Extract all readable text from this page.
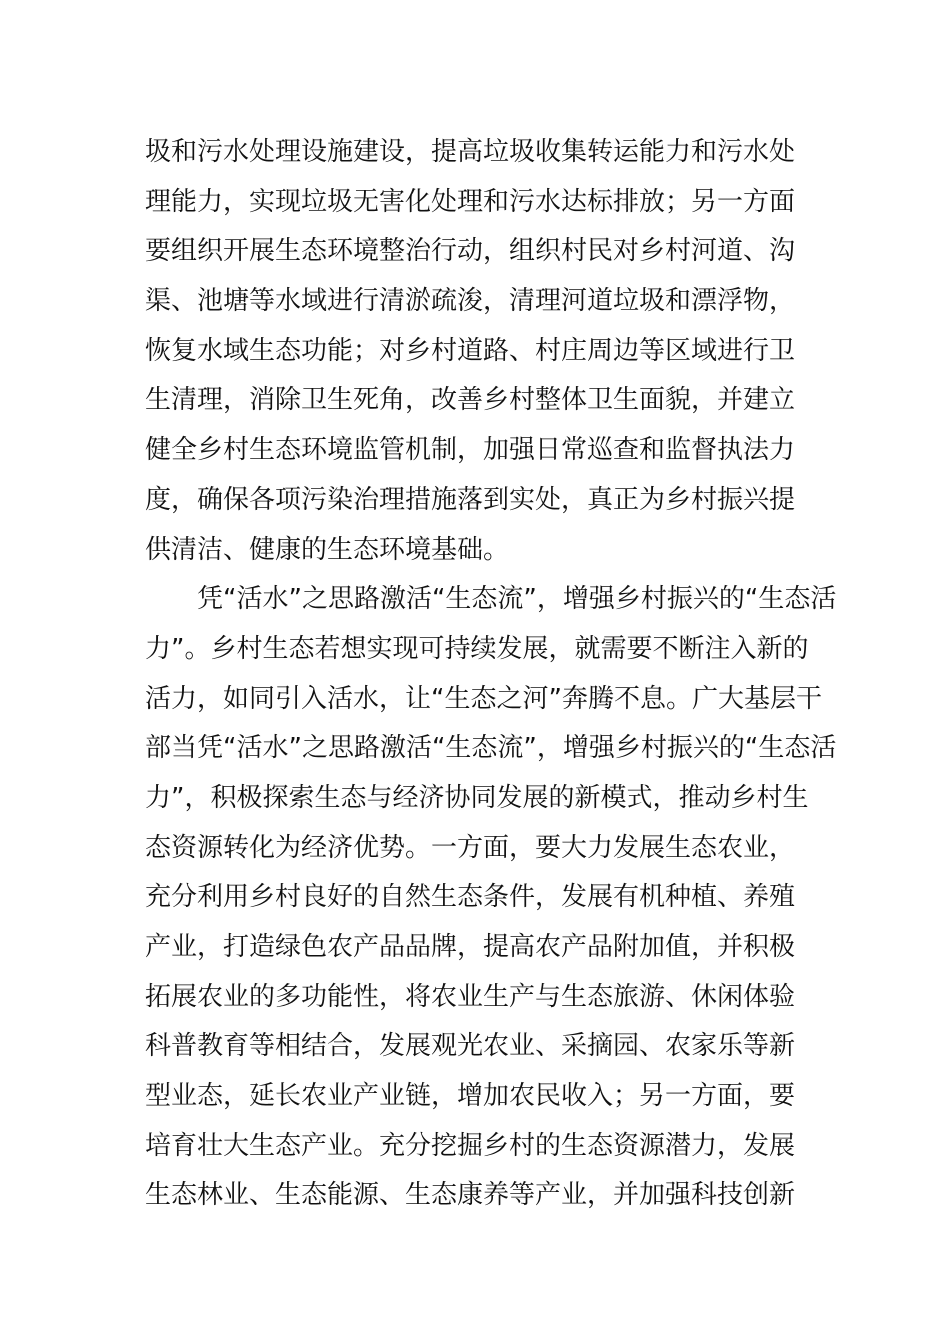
圾和污水处理设施建设，提高垃圾收集转运能力和污水处
理能力，实现垃圾无害化处理和污水达标排放；另一方面
要组织开展生态环境整治行动，组织村民对乡村河道、沟
渠、池塘等水域进行清淤疏浚，清理河道垃圾和漂浮物，
恢复水域生态功能；对乡村道路、村庄周边等区域进行卫
生清理，消除卫生死角，改善乡村整体卫生面貌，并建立
健全乡村生态环境监管机制，加强日常巡查和监督执法力
度，确保各项污染治理措施落到实处，真正为乡村振兴提
供清洁、健康的生态环境基础。
凭“活水”之思路激活“生态流”，增强乡村振兴的“生态活
力”。乡村生态若想实现可持续发展，就需要不断注入新的
活力，如同引入活水，让“生态之河”奔腾不息。广大基层干
部当凭“活水”之思路激活“生态流”，增强乡村振兴的“生态活
力”，积极探索生态与经济协同发展的新模式，推动乡村生
态资源转化为经济优势。一方面，要大力发展生态农业，
充分利用乡村良好的自然生态条件，发展有机种植、养殖
产业，打造绿色农产品品牌，提高农产品附加值，并积极
拓展农业的多功能性，将农业生产与生态旅游、休闲体验
科普教育等相结合，发展观光农业、采摘园、农家乐等新
型业态，延长农业产业链，增加农民收入；另一方面，要
培育壮大生态产业。充分挖掘乡村的生态资源潜力，发展
生态林业、生态能源、生态康养等产业，并加强科技创新
